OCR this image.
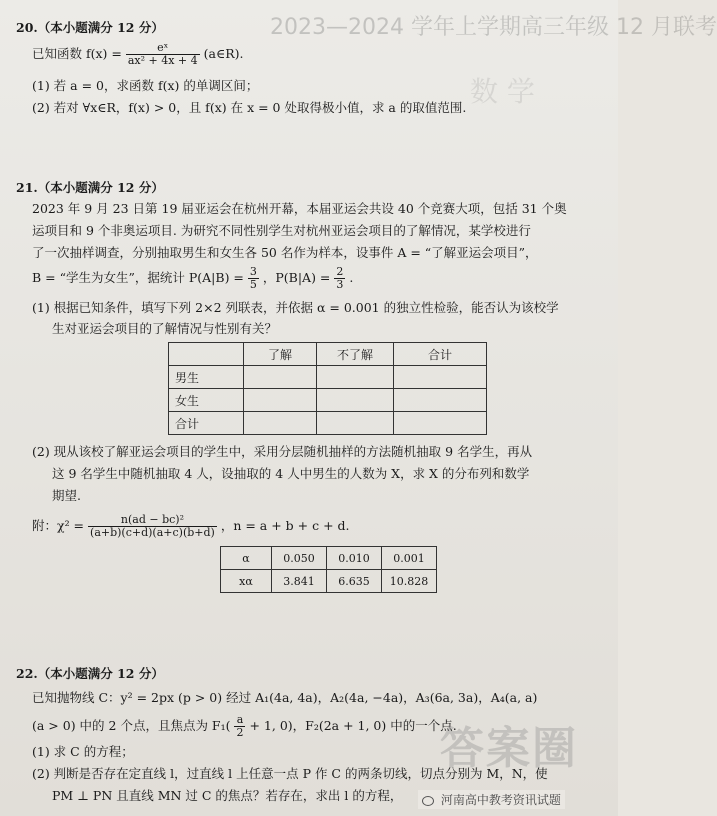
2023—2024 学年上学期高三年级 12 月联考
数 学
20.（本小题满分 12 分）
已知函数 $f(x) = \frac{\text{eˣ}}{\text{ax² + 4x + 4}}$ (a∈R).
(1) 若 a = 0，求函数 f(x) 的单调区间；
(2) 若对 ∀x∈R，f(x) > 0，且 f(x) 在 x = 0 处取得极小值，求 a 的取值范围.
21.（本小题满分 12 分）
2023 年 9 月 23 日第 19 届亚运会在杭州开幕，本届亚运会共设 40 个竞赛大项，包括 31 个奥
运项目和 9 个非奥运项目. 为研究不同性别学生对杭州亚运会项目的了解情况，某学校进行
了一次抽样调查，分别抽取男生和女生各 50 名作为样本，设事件 A = “了解亚运会项目”，
B = “学生为女生”，据统计 $P(A|B) = \frac{3}{5}$ ，$P(B|A) = \frac{2}{3}$ .
(1) 根据已知条件，填写下列 2×2 列联表，并依据 α = 0.001 的独立性检验，能否认为该校学
生对亚运会项目的了解情况与性别有关？
	了解	不了解	合计
男生			
女生			
合计			
(2) 现从该校了解亚运会项目的学生中，采用分层随机抽样的方法随机抽取 9 名学生，再从
这 9 名学生中随机抽取 4 人，设抽取的 4 人中男生的人数为 X，求 X 的分布列和数学
期望.
附：$\chi^2 = \frac{\text{n(ad − bc)²}}{(a+b)(c+d)(a+c)(b+d)}$ ，n = a + b + c + d.
α	0.050	0.010	0.001
xα	3.841	6.635	10.828
22.（本小题满分 12 分）
已知抛物线 C：y² = 2px (p > 0) 经过 A₁(4a, 4a)，A₂(4a, −4a)，A₃(6a, 3a)，A₄(a, a)
(a > 0) 中的 2 个点，且焦点为 $F_1( \frac{a}{2} + 1$, 0)，F₂(2a + 1, 0) 中的一个点.
(1) 求 C 的方程；
(2) 判断是否存在定直线 l，过直线 l 上任意一点 P 作 C 的两条切线，切点分别为 M，N，使
PM ⊥ PN 且直线 MN 过 C 的焦点？若存在，求出 l 的方程，
答案圈
河南高中教考资讯试题
